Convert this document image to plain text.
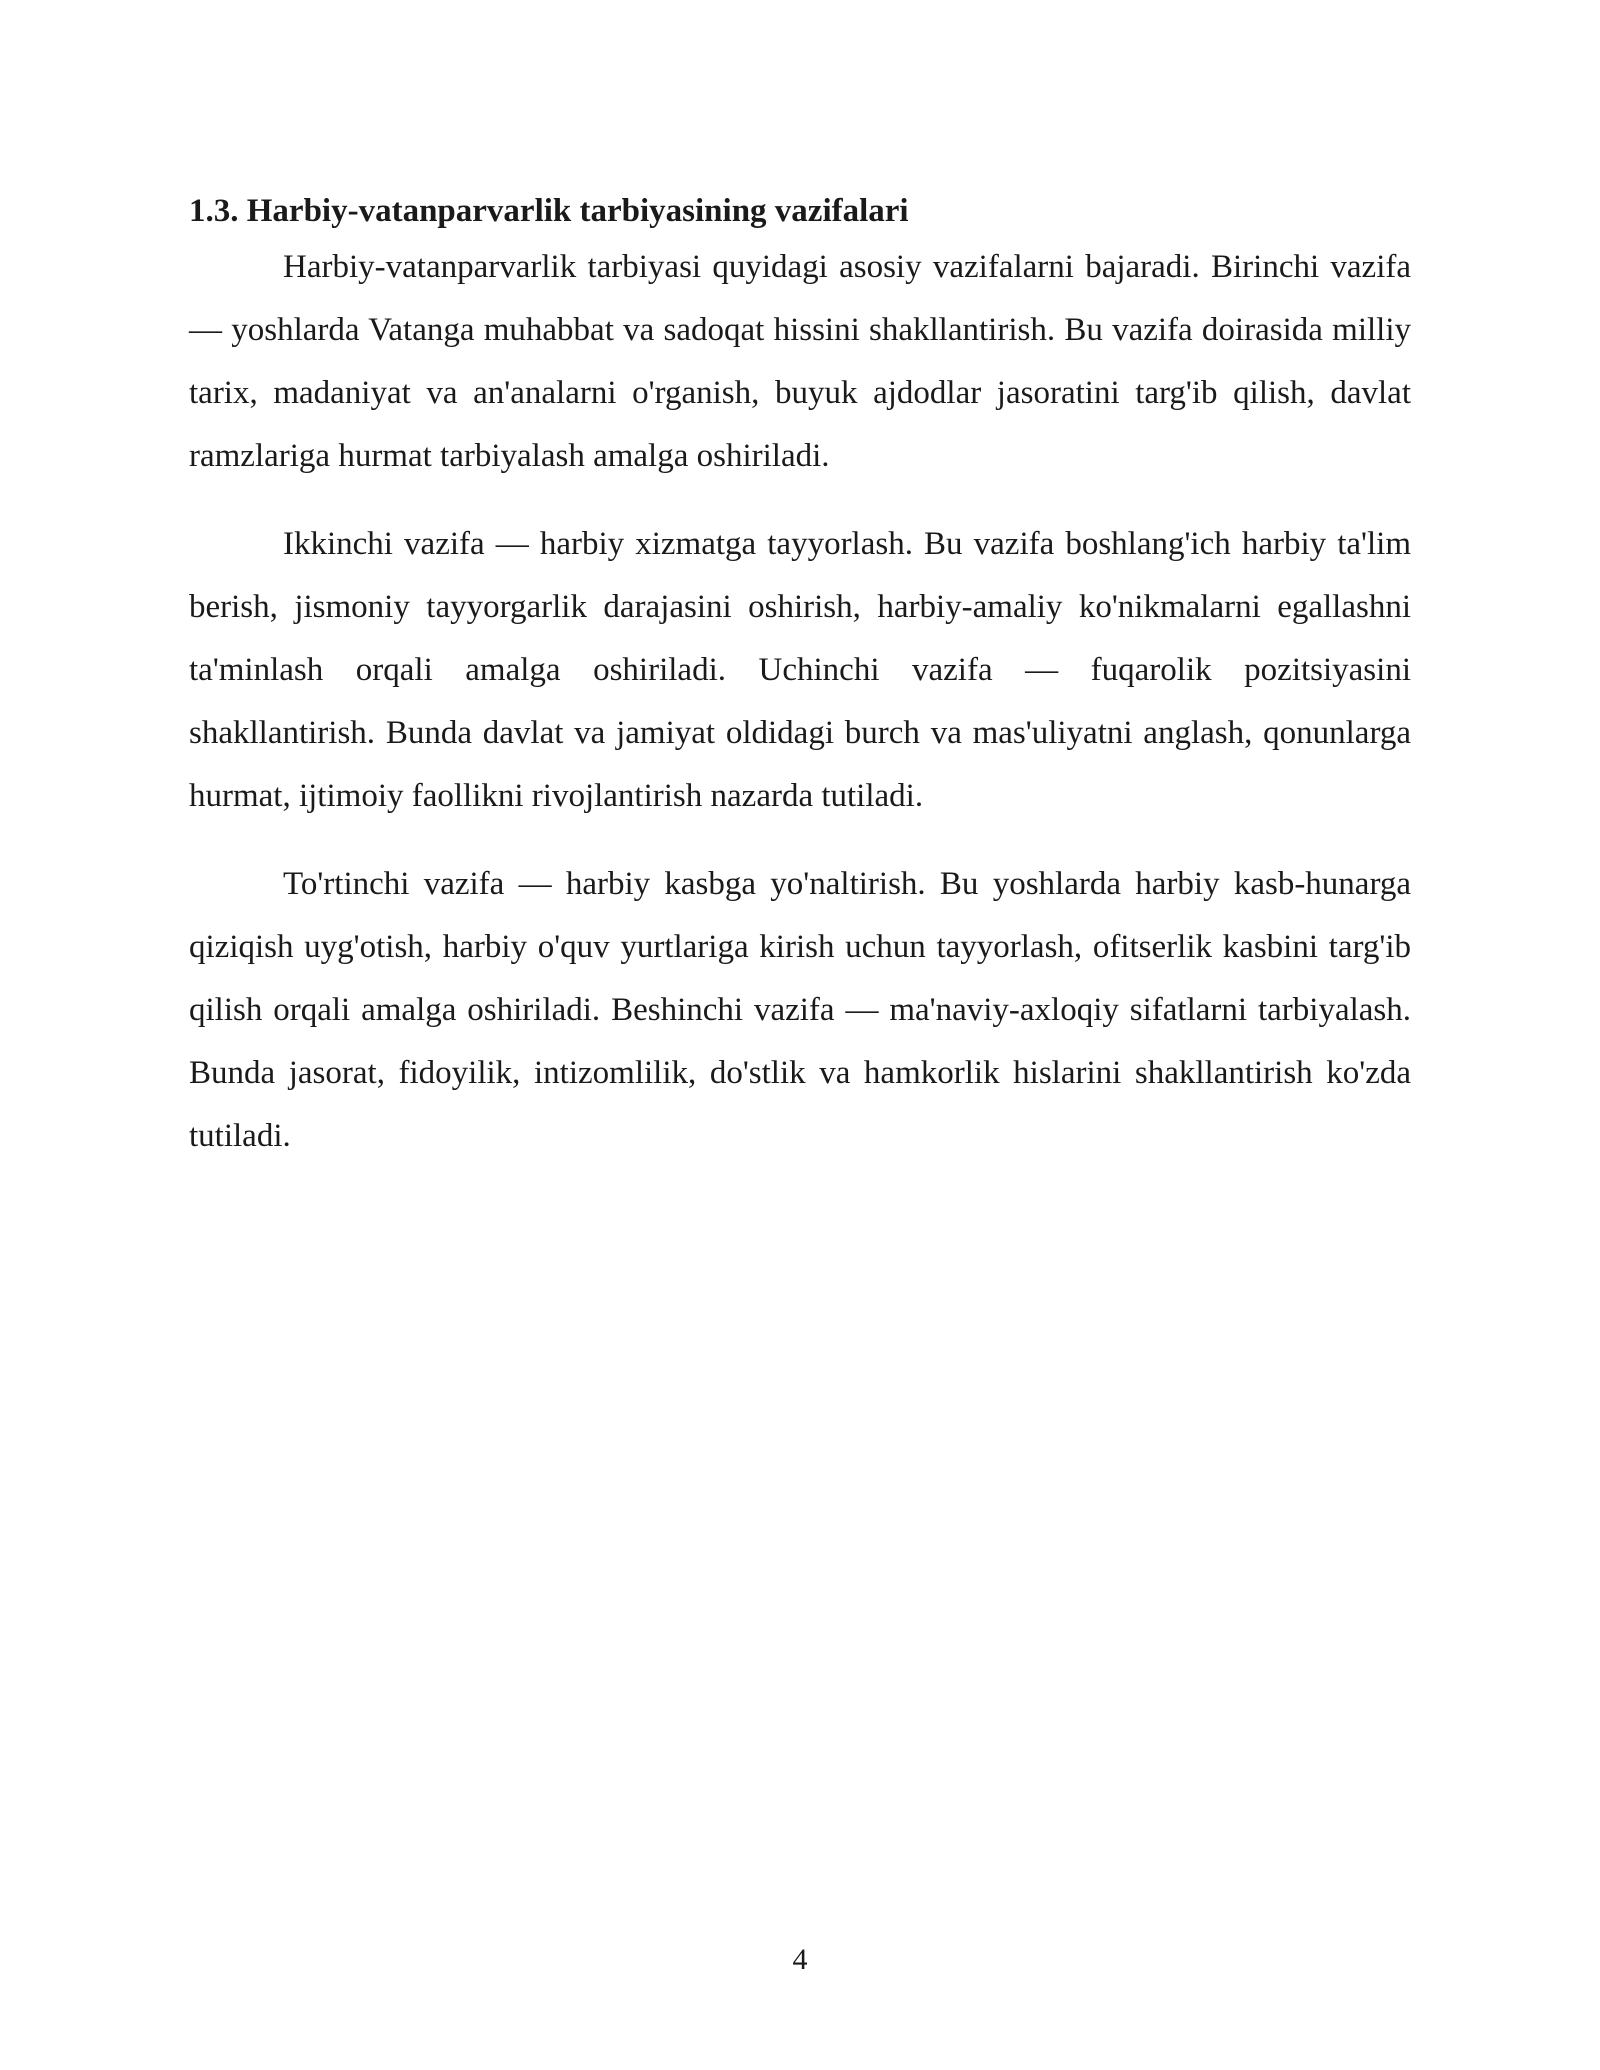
1.3. Harbiy-vatanparvarlik tarbiyasining vazifalari

Harbiy-vatanparvarlik tarbiyasi quyidagi asosiy vazifalarni bajaradi. Birinchi vazifa — yoshlarda Vatanga muhabbat va sadoqat hissini shakllantirish. Bu vazifa doirasida milliy tarix, madaniyat va an'analarni o'rganish, buyuk ajdodlar jasoratini targ'ib qilish, davlat ramzlariga hurmat tarbiyalash amalga oshiriladi.

Ikkinchi vazifa — harbiy xizmatga tayyorlash. Bu vazifa boshlang'ich harbiy ta'lim berish, jismoniy tayyorgarlik darajasini oshirish, harbiy-amaliy ko'nikmalarni egallashni ta'minlash orqali amalga oshiriladi. Uchinchi vazifa — fuqarolik pozitsiyasini shakllantirish. Bunda davlat va jamiyat oldidagi burch va mas'uliyatni anglash, qonunlarga hurmat, ijtimoiy faollikni rivojlantirish nazarda tutiladi.

To'rtinchi vazifa — harbiy kasbga yo'naltirish. Bu yoshlarda harbiy kasb-hunarga qiziqish uyg'otish, harbiy o'quv yurtlariga kirish uchun tayyorlash, ofitserlik kasbini targ'ib qilish orqali amalga oshiriladi. Beshinchi vazifa — ma'naviy-axloqiy sifatlarni tarbiyalash. Bunda jasorat, fidoyilik, intizomlilik, do'stlik va hamkorlik hislarini shakllantirish ko'zda tutiladi.

4
